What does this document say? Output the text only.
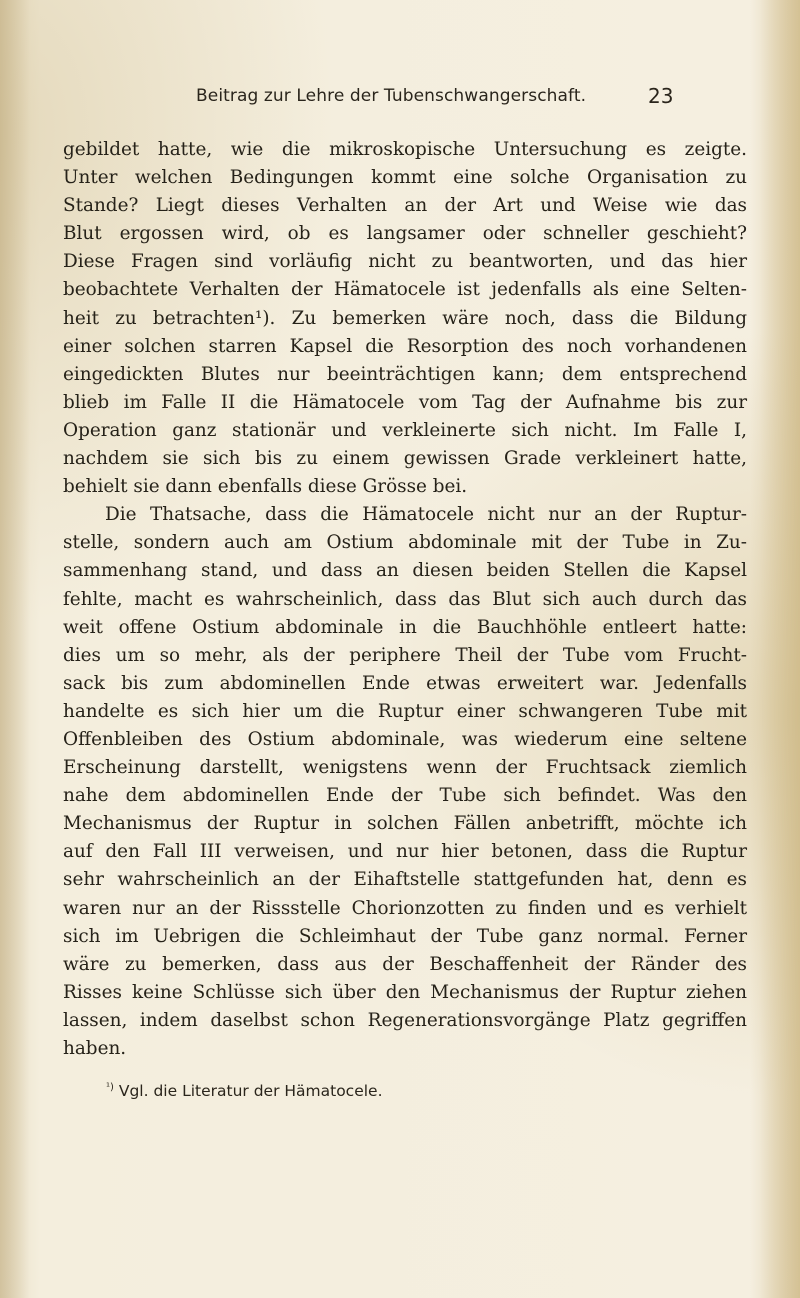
Beitrag zur Lehre der Tubenschwangerschaft.	23
gebildet hatte, wie die mikroskopische Untersuchung es zeigte.
Unter welchen Bedingungen kommt eine solche Organisation zu
Stande? Liegt dieses Verhalten an der Art und Weise wie das
Blut ergossen wird, ob es langsamer oder schneller geschieht?
Diese Fragen sind vorläufig nicht zu beantworten, und das hier
beobachtete Verhalten der Hämatocele ist jedenfalls als eine Selten-
heit zu betrachten¹). Zu bemerken wäre noch, dass die Bildung
einer solchen starren Kapsel die Resorption des noch vorhandenen
eingedickten Blutes nur beeinträchtigen kann; dem entsprechend
blieb im Falle II die Hämatocele vom Tag der Aufnahme bis zur
Operation ganz stationär und verkleinerte sich nicht. Im Falle I,
nachdem sie sich bis zu einem gewissen Grade verkleinert hatte,
behielt sie dann ebenfalls diese Grösse bei.
Die Thatsache, dass die Hämatocele nicht nur an der Ruptur-
stelle, sondern auch am Ostium abdominale mit der Tube in Zu-
sammenhang stand, und dass an diesen beiden Stellen die Kapsel
fehlte, macht es wahrscheinlich, dass das Blut sich auch durch das
weit offene Ostium abdominale in die Bauchhöhle entleert hatte:
dies um so mehr, als der periphere Theil der Tube vom Frucht-
sack bis zum abdominellen Ende etwas erweitert war. Jedenfalls
handelte es sich hier um die Ruptur einer schwangeren Tube mit
Offenbleiben des Ostium abdominale, was wiederum eine seltene
Erscheinung darstellt, wenigstens wenn der Fruchtsack ziemlich
nahe dem abdominellen Ende der Tube sich befindet. Was den
Mechanismus der Ruptur in solchen Fällen anbetrifft, möchte ich
auf den Fall III verweisen, und nur hier betonen, dass die Ruptur
sehr wahrscheinlich an der Eihaftstelle stattgefunden hat, denn es
waren nur an der Rissstelle Chorionzotten zu finden und es verhielt
sich im Uebrigen die Schleimhaut der Tube ganz normal. Ferner
wäre zu bemerken, dass aus der Beschaffenheit der Ränder des
Risses keine Schlüsse sich über den Mechanismus der Ruptur ziehen
lassen, indem daselbst schon Regenerationsvorgänge Platz gegriffen
haben.
$^{^1)}$ Vgl. die Literatur der Hämatocele.
